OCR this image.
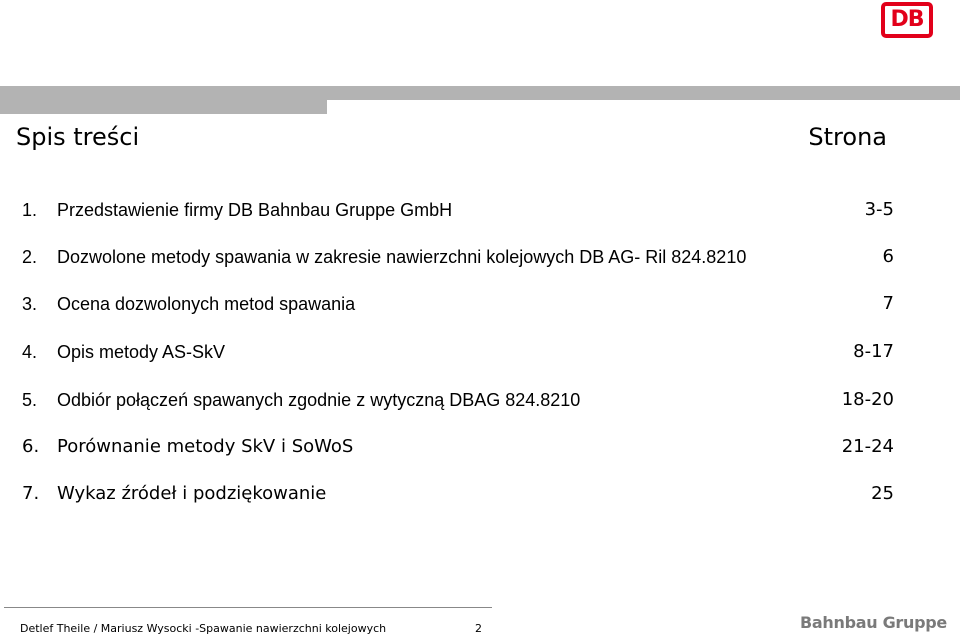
DB
Spis treści	Strona
1. Przedstawienie firmy DB Bahnbau Gruppe GmbH	3-5
2. Dozwolone metody spawania w zakresie nawierzchni kolejowych DB AG- Ril 824.8210	6
3. Ocena dozwolonych metod spawania	7
4. Opis metody AS-SkV	8-17
5. Odbiór połączeń spawanych zgodnie z wytyczną DBAG 824.8210	18-20
6. Porównanie metody SkV i SoWoS	21-24
7. Wykaz źródeł i podziękowanie	25
Detlef Theile / Mariusz Wysocki -Spawanie nawierzchni kolejowych	2	Bahnbau Gruppe
